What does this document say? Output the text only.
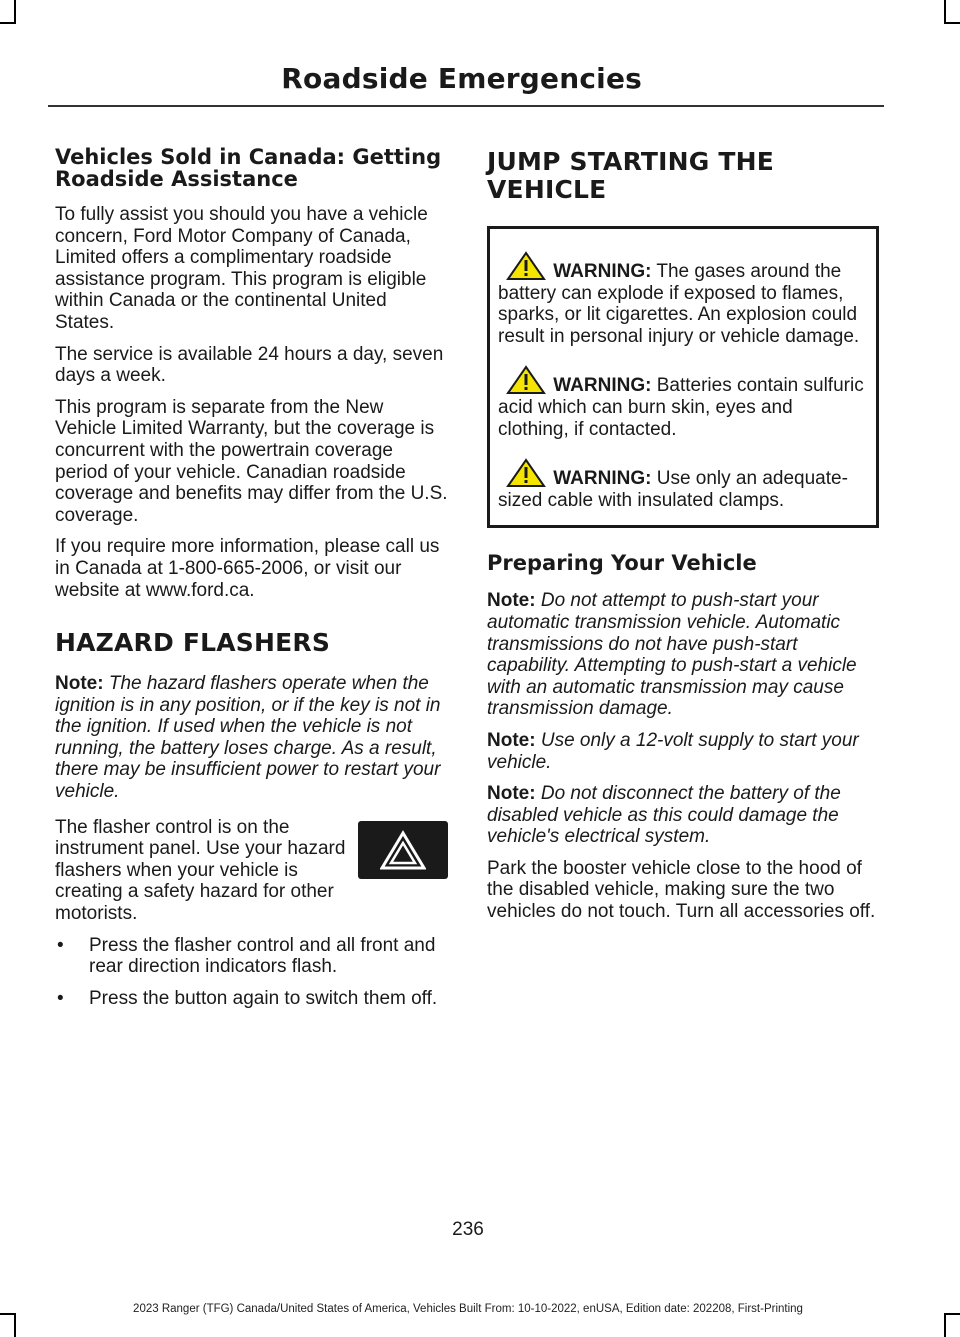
Roadside Emergencies
Vehicles Sold in Canada: Getting Roadside Assistance

To fully assist you should you have a vehicle concern, Ford Motor Company of Canada, Limited offers a complimentary roadside assistance program. This program is eligible within Canada or the continental United States.

The service is available 24 hours a day, seven days a week.

This program is separate from the New Vehicle Limited Warranty, but the coverage is concurrent with the powertrain coverage period of your vehicle. Canadian roadside coverage and benefits may differ from the U.S. coverage.

If you require more information, please call us in Canada at 1-800-665-2006, or visit our website at www.ford.ca.

HAZARD FLASHERS

Note: The hazard flashers operate when the ignition is in any position, or if the key is not in the ignition. If used when the vehicle is not running, the battery loses charge. As a result, there may be insufficient power to restart your vehicle.

The flasher control is on the instrument panel. Use your hazard flashers when your vehicle is creating a safety hazard for other motorists.

• Press the flasher control and all front and rear direction indicators flash.
• Press the button again to switch them off.
JUMP STARTING THE VEHICLE

WARNING: The gases around the battery can explode if exposed to flames, sparks, or lit cigarettes. An explosion could result in personal injury or vehicle damage.

WARNING: Batteries contain sulfuric acid which can burn skin, eyes and clothing, if contacted.

WARNING: Use only an adequate-sized cable with insulated clamps.

Preparing Your Vehicle

Note: Do not attempt to push-start your automatic transmission vehicle. Automatic transmissions do not have push-start capability. Attempting to push-start a vehicle with an automatic transmission may cause transmission damage.

Note: Use only a 12-volt supply to start your vehicle.

Note: Do not disconnect the battery of the disabled vehicle as this could damage the vehicle's electrical system.

Park the booster vehicle close to the hood of the disabled vehicle, making sure the two vehicles do not touch. Turn all accessories off.

236
2023 Ranger (TFG) Canada/United States of America, Vehicles Built From: 10-10-2022, enUSA, Edition date: 202208, First-Printing
